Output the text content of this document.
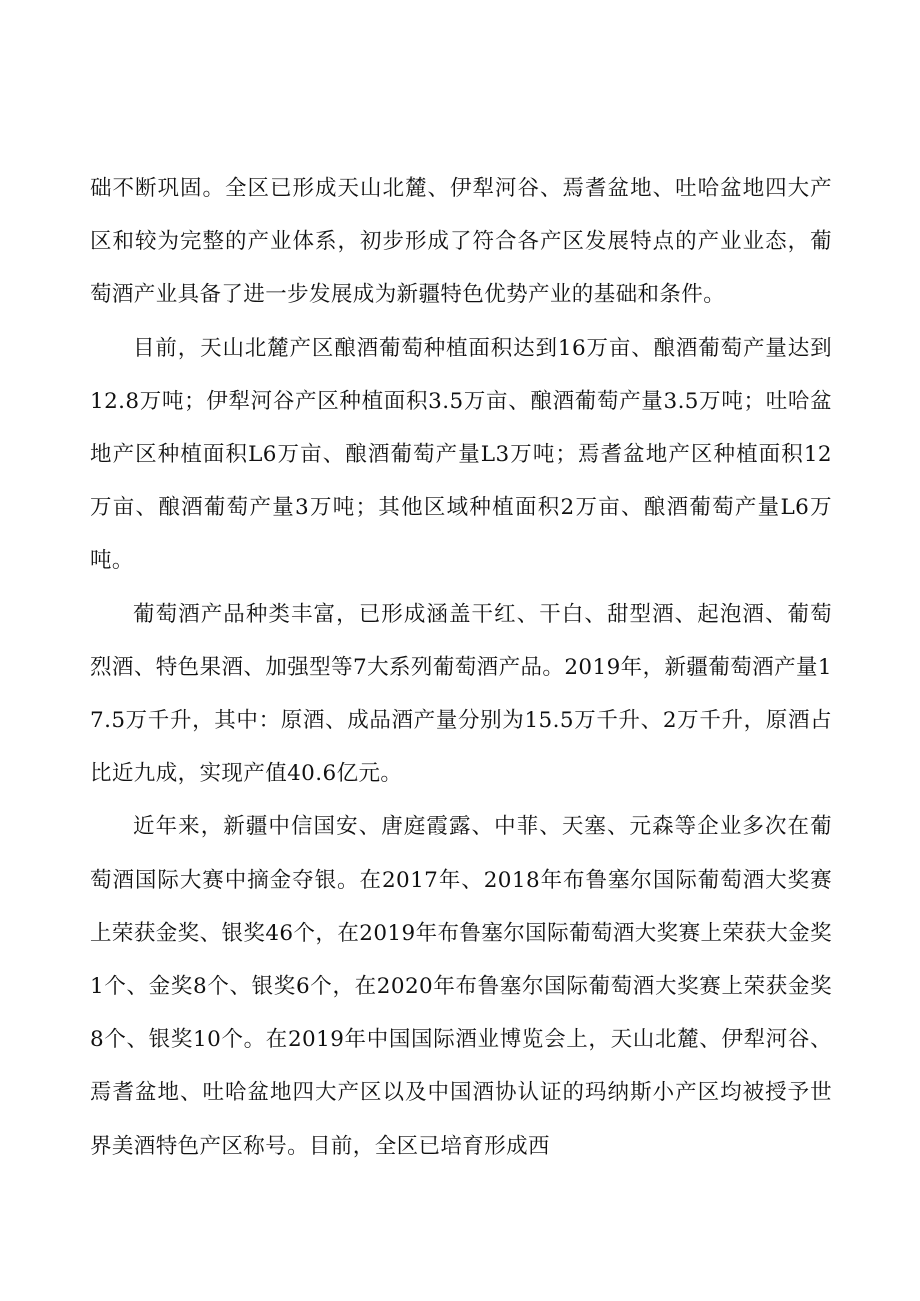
础不断巩固。全区已形成天山北麓、伊犁河谷、焉耆盆地、吐哈盆地四大产区和较为完整的产业体系，初步形成了符合各产区发展特点的产业业态，葡萄酒产业具备了进一步发展成为新疆特色优势产业的基础和条件。

目前，天山北麓产区酿酒葡萄种植面积达到16万亩、酿酒葡萄产量达到12.8万吨；伊犁河谷产区种植面积3.5万亩、酿酒葡萄产量3.5万吨；吐哈盆地产区种植面积L6万亩、酿酒葡萄产量L3万吨；焉耆盆地产区种植面积12万亩、酿酒葡萄产量3万吨；其他区域种植面积2万亩、酿酒葡萄产量L6万吨。

葡萄酒产品种类丰富，已形成涵盖干红、干白、甜型酒、起泡酒、葡萄烈酒、特色果酒、加强型等7大系列葡萄酒产品。2019年，新疆葡萄酒产量17.5万千升，其中：原酒、成品酒产量分别为15.5万千升、2万千升，原酒占比近九成，实现产值40.6亿元。

近年来，新疆中信国安、唐庭霞露、中菲、天塞、元森等企业多次在葡萄酒国际大赛中摘金夺银。在2017年、2018年布鲁塞尔国际葡萄酒大奖赛上荣获金奖、银奖46个，在2019年布鲁塞尔国际葡萄酒大奖赛上荣获大金奖1个、金奖8个、银奖6个，在2020年布鲁塞尔国际葡萄酒大奖赛上荣获金奖8个、银奖10个。在2019年中国国际酒业博览会上，天山北麓、伊犁河谷、焉耆盆地、吐哈盆地四大产区以及中国酒协认证的玛纳斯小产区均被授予世界美酒特色产区称号。目前，全区已培育形成西
